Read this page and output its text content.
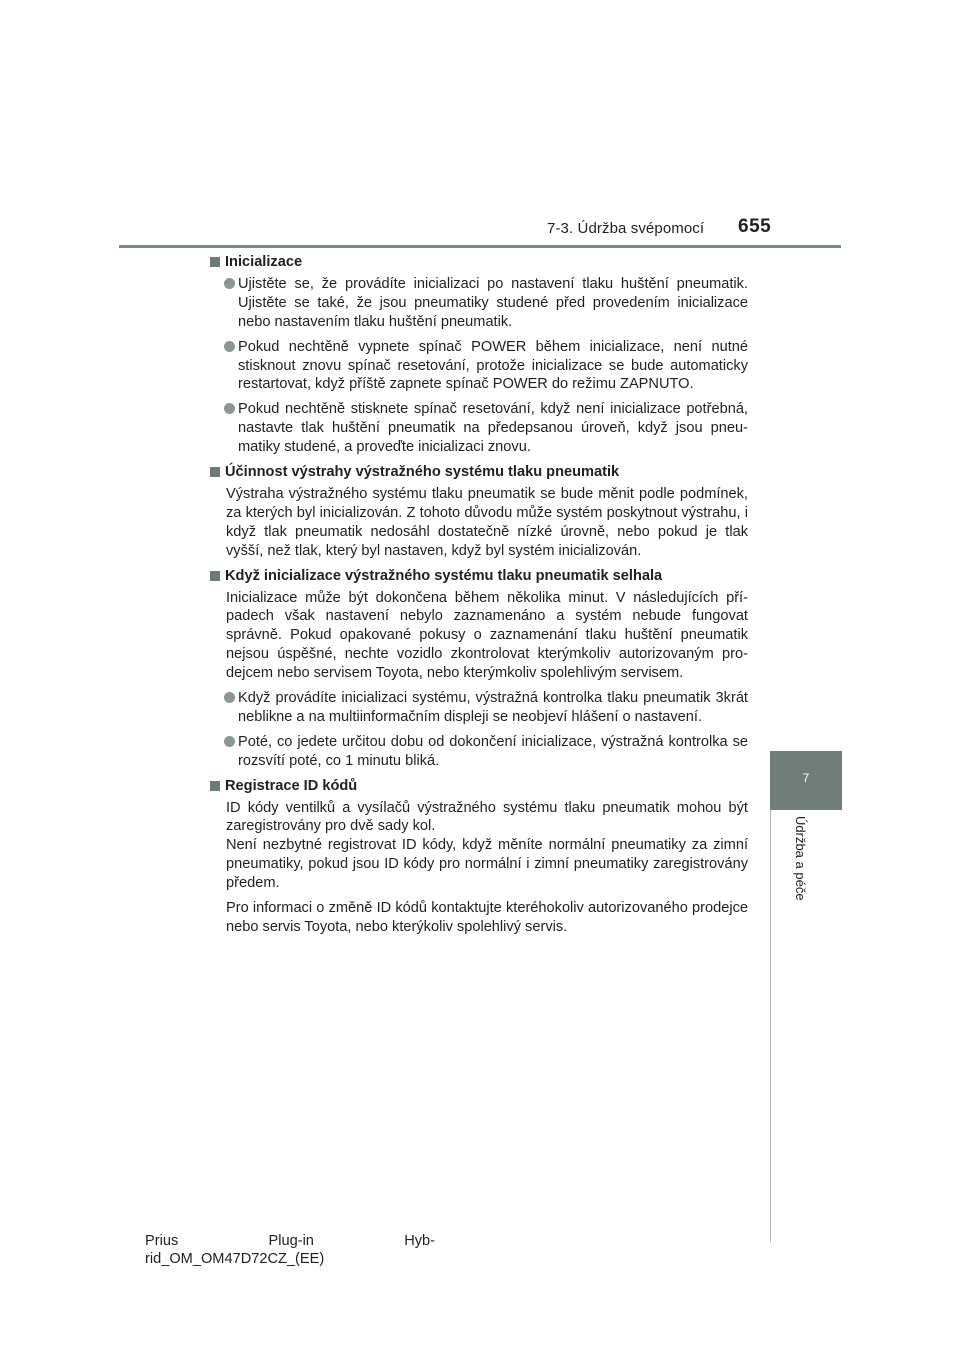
7-3. Údržba svépomocí 655
7
Údržba a péče
Inicializace
Ujistěte se, že provádíte inicializaci po nastavení tlaku huštění pneumatik. Ujistěte se také, že jsou pneumatiky studené před provedením inicializace nebo nastavením tlaku huštění pneumatik.
Pokud nechtěně vypnete spínač POWER během inicializace, není nutné stisknout znovu spínač resetování, protože inicializace se bude automaticky restartovat, když příště zapnete spínač POWER do režimu ZAPNUTO.
Pokud nechtěně stisknete spínač resetování, když není inicializace potřebná, nastavte tlak huštění pneumatik na předepsanou úroveň, když jsou pneumatiky studené, a proveďte inicializaci znovu.
Účinnost výstrahy výstražného systému tlaku pneumatik
Výstraha výstražného systému tlaku pneumatik se bude měnit podle podmínek, za kterých byl inicializován. Z tohoto důvodu může systém poskytnout výstrahu, i když tlak pneumatik nedosáhl dostatečně nízké úrovně, nebo pokud je tlak vyšší, než tlak, který byl nastaven, když byl systém inicializován.
Když inicializace výstražného systému tlaku pneumatik selhala
Inicializace může být dokončena během několika minut. V následujících případech však nastavení nebylo zaznamenáno a systém nebude fungovat správně. Pokud opakované pokusy o zaznamenání tlaku huštění pneumatik nejsou úspěšné, nechte vozidlo zkontrolovat kterýmkoliv autorizovaným prodejcem nebo servisem Toyota, nebo kterýmkoliv spolehlivým servisem.
Když provádíte inicializaci systému, výstražná kontrolka tlaku pneumatik 3krát neblikne a na multiinformačním displeji se neobjeví hlášení o nastavení.
Poté, co jedete určitou dobu od dokončení inicializace, výstražná kontrolka se rozsvítí poté, co 1 minutu bliká.
Registrace ID kódů
ID kódy ventilků a vysílačů výstražného systému tlaku pneumatik mohou být zaregistrovány pro dvě sady kol.
Není nezbytné registrovat ID kódy, když měníte normální pneumatiky za zimní pneumatiky, pokud jsou ID kódy pro normální i zimní pneumatiky zaregistrovány předem.
Pro informaci o změně ID kódů kontaktujte kteréhokoliv autorizovaného prodejce nebo servis Toyota, nebo kterýkoliv spolehlivý servis.
Prius	Plug-in	Hyb-
rid_OM_OM47D72CZ_(EE)
